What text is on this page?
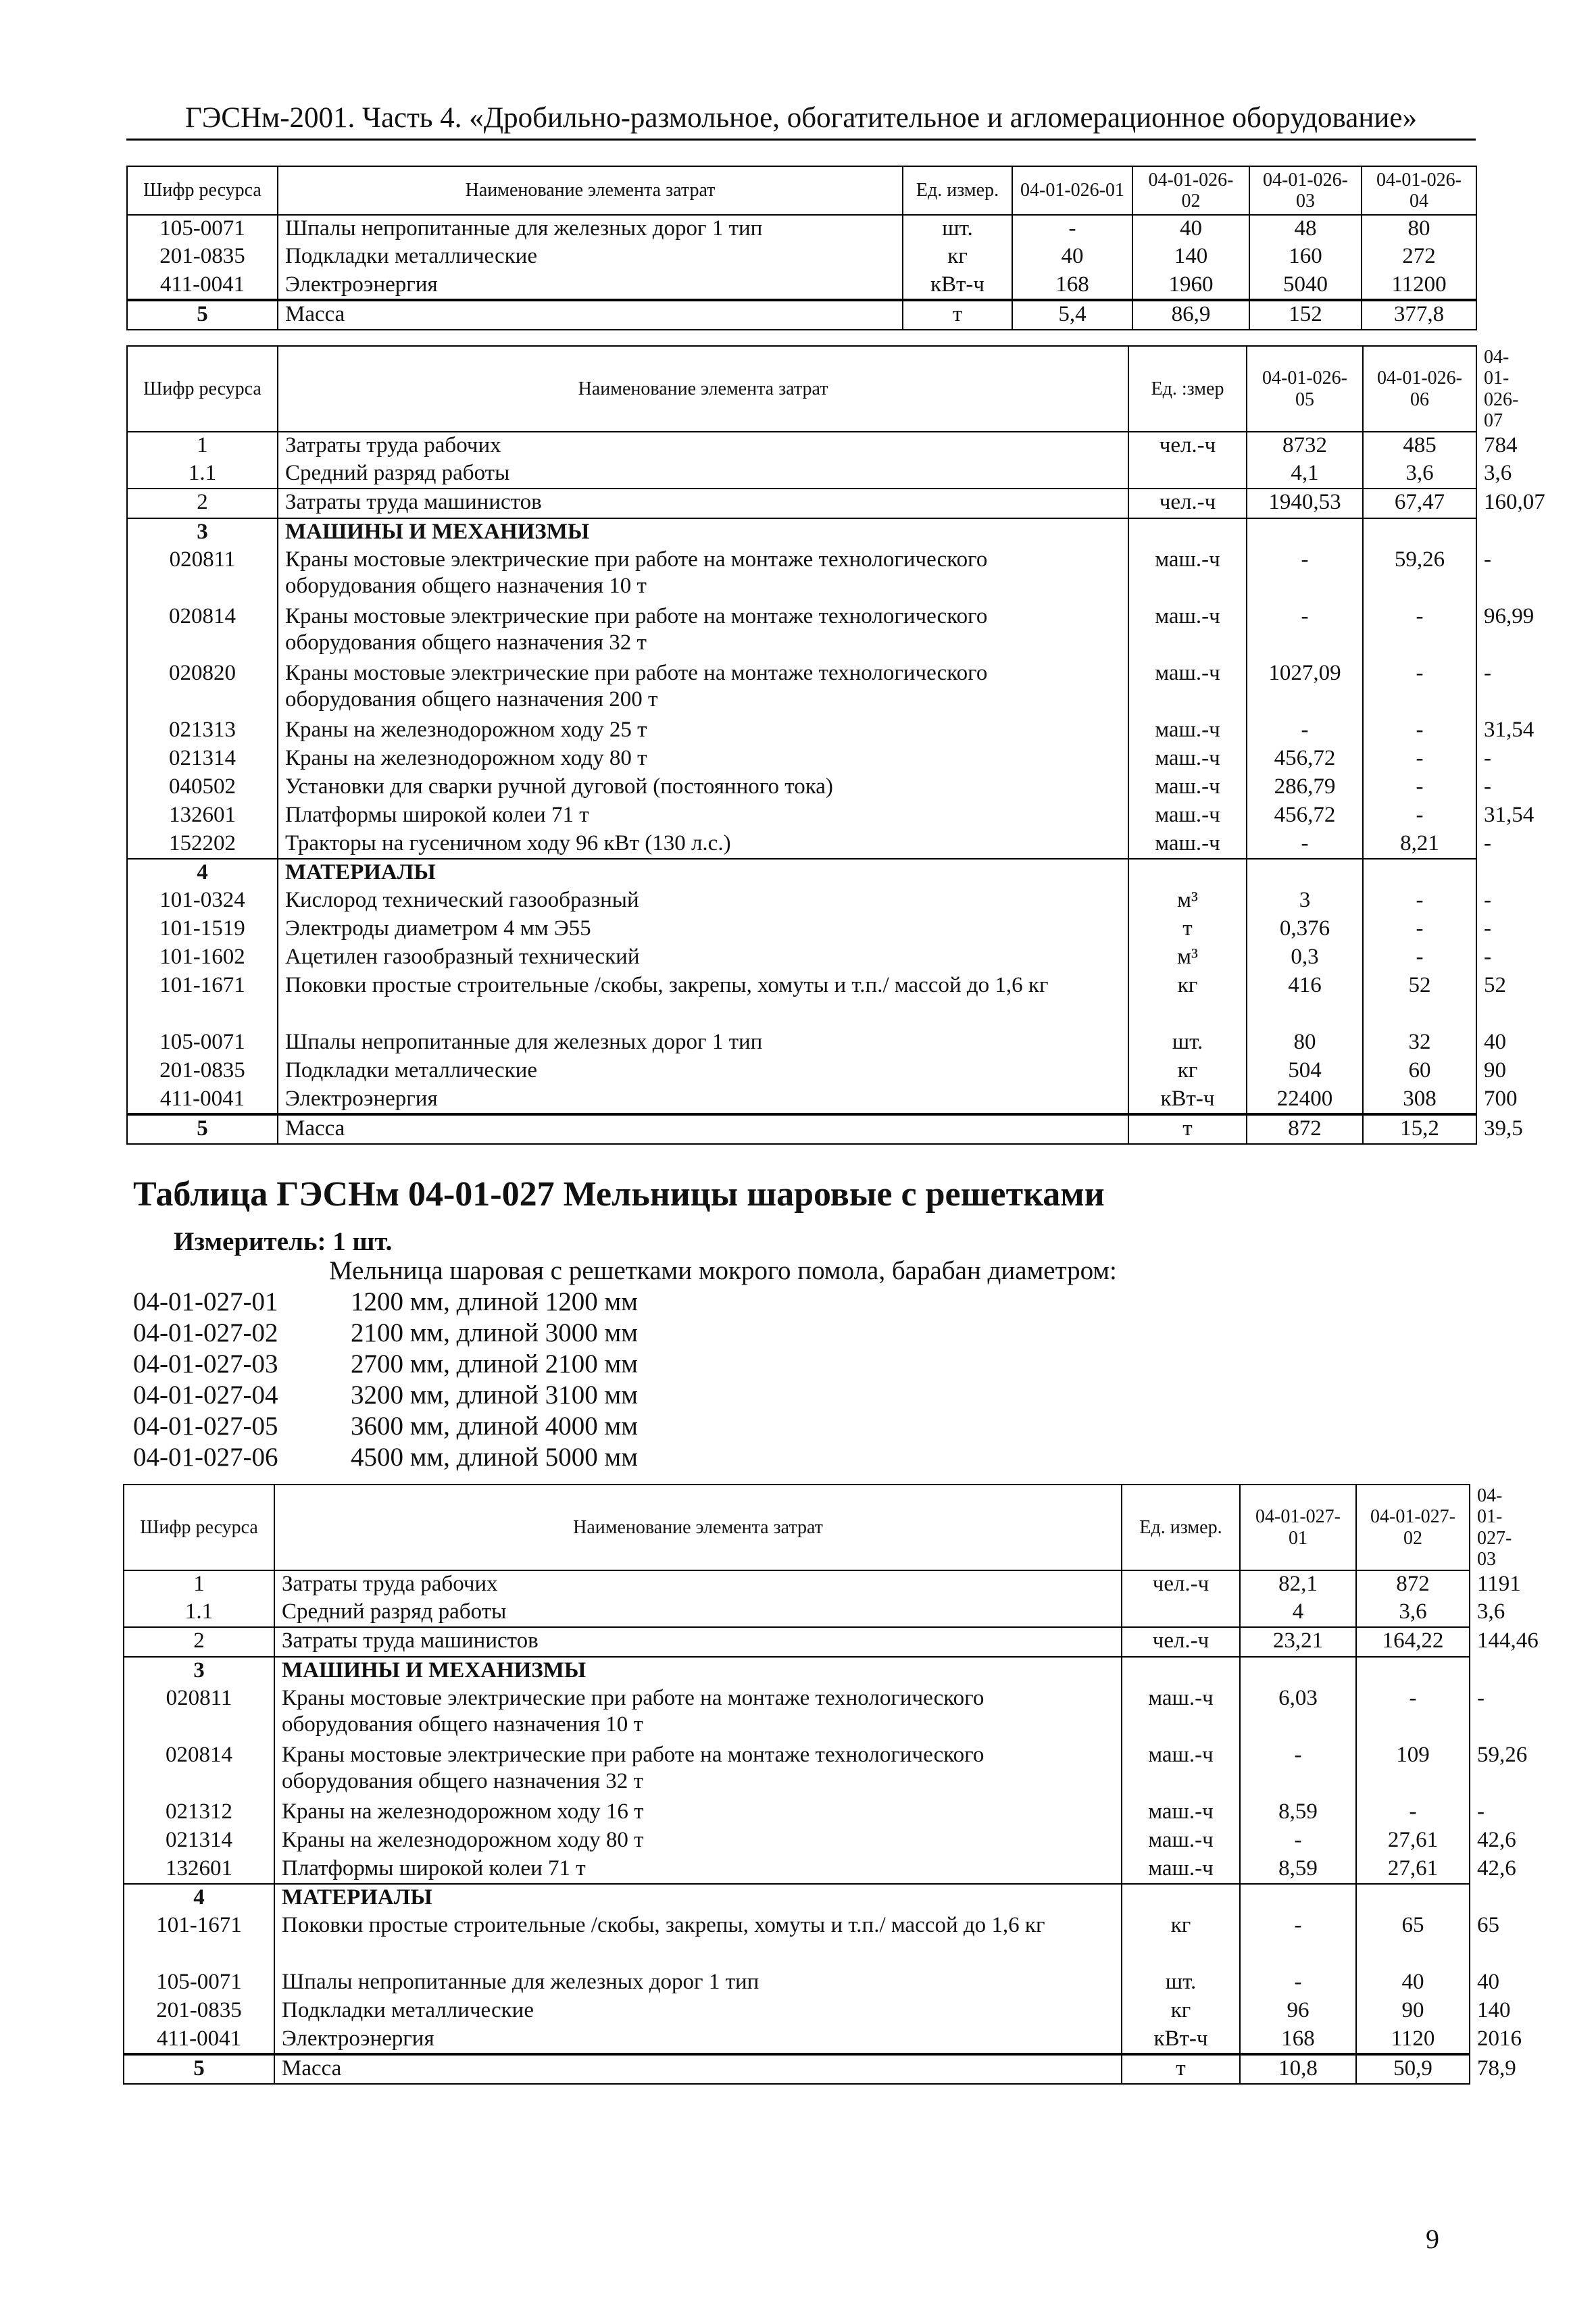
ГЭСНм-2001. Часть 4. «Дробильно-размольное, обогатительное и агломерационное оборудование»
Шифр ресурса	Наименование элемента затрат	Ед. измер.	04-01-026-01	04-01-026-02	04-01-026-03	04-01-026-04
105-0071	Шпалы непропитанные для железных дорог 1 тип	шт.	-	40	48	80
201-0835	Подкладки металлические	кг	40	140	160	272
411-0041	Электроэнергия	кВт-ч	168	1960	5040	11200
5	Масса	т	5,4	86,9	152	377,8
Шифр ресурса	Наименование элемента затрат	Ед. :змер	04-01-026-05	04-01-026-06	04-01-026-07
1	Затраты труда рабочих	чел.-ч	8732	485	784
1.1	Средний разряд работы		4,1	3,6	3,6
2	Затраты труда машинистов	чел.-ч	1940,53	67,47	160,07
3	МАШИНЫ И МЕХАНИЗМЫ				
020811	Краны мостовые электрические при работе на монтаже технологического оборудования общего назначения 10 т	маш.-ч	-	59,26	-
020814	Краны мостовые электрические при работе на монтаже технологического оборудования общего назначения 32 т	маш.-ч	-	-	96,99
020820	Краны мостовые электрические при работе на монтаже технологического оборудования общего назначения 200 т	маш.-ч	1027,09	-	-
021313	Краны на железнодорожном ходу 25 т	маш.-ч	-	-	31,54
021314	Краны на железнодорожном ходу 80 т	маш.-ч	456,72	-	-
040502	Установки для сварки ручной дуговой (постоянного тока)	маш.-ч	286,79	-	-
132601	Платформы широкой колеи 71 т	маш.-ч	456,72	-	31,54
152202	Тракторы на гусеничном ходу 96 кВт (130 л.с.)	маш.-ч	-	8,21	-
4	МАТЕРИАЛЫ				
101-0324	Кислород технический газообразный	м³	3	-	-
101-1519	Электроды диаметром 4 мм Э55	т	0,376	-	-
101-1602	Ацетилен газообразный технический	м³	0,3	-	-
101-1671	Поковки простые строительные /скобы, закрепы, хомуты и т.п./ массой до 1,6 кг	кг	416	52	52
105-0071	Шпалы непропитанные для железных дорог 1 тип	шт.	80	32	40
201-0835	Подкладки металлические	кг	504	60	90
411-0041	Электроэнергия	кВт-ч	22400	308	700
5	Масса	т	872	15,2	39,5
Таблица ГЭСНм 04-01-027 Мельницы шаровые с решетками
Измеритель: 1 шт.
Мельница шаровая с решетками мокрого помола, барабан диаметром:
04-01-027-01	1200 мм, длиной 1200 мм
04-01-027-02	2100 мм, длиной 3000 мм
04-01-027-03	2700 мм, длиной 2100 мм
04-01-027-04	3200 мм, длиной 3100 мм
04-01-027-05	3600 мм, длиной 4000 мм
04-01-027-06	4500 мм, длиной 5000 мм
Шифр ресурса	Наименование элемента затрат	Ед. измер.	04-01-027-01	04-01-027-02	04-01-027-03
1	Затраты труда рабочих	чел.-ч	82,1	872	1191
1.1	Средний разряд работы		4	3,6	3,6
2	Затраты труда машинистов	чел.-ч	23,21	164,22	144,46
3	МАШИНЫ И МЕХАНИЗМЫ				
020811	Краны мостовые электрические при работе на монтаже технологического оборудования общего назначения 10 т	маш.-ч	6,03	-	-
020814	Краны мостовые электрические при работе на монтаже технологического оборудования общего назначения 32 т	маш.-ч	-	109	59,26
021312	Краны на железнодорожном ходу 16 т	маш.-ч	8,59	-	-
021314	Краны на железнодорожном ходу 80 т	маш.-ч	-	27,61	42,6
132601	Платформы широкой колеи 71 т	маш.-ч	8,59	27,61	42,6
4	МАТЕРИАЛЫ				
101-1671	Поковки простые строительные /скобы, закрепы, хомуты и т.п./ массой до 1,6 кг	кг	-	65	65
105-0071	Шпалы непропитанные для железных дорог 1 тип	шт.	-	40	40
201-0835	Подкладки металлические	кг	96	90	140
411-0041	Электроэнергия	кВт-ч	168	1120	2016
5	Масса	т	10,8	50,9	78,9
9
